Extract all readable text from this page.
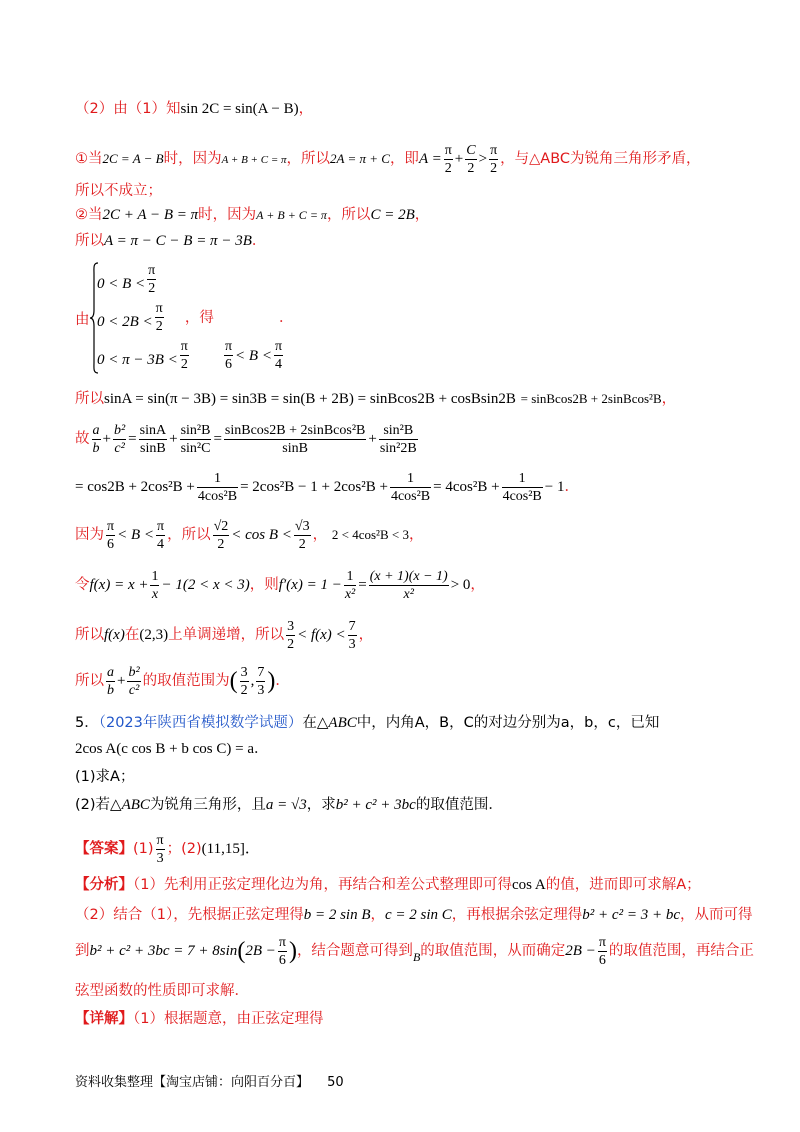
（2）由（1）知sin 2C = sin(A − B)，
①当2C = A − B时，因为A + B + C = π，所以2A = π + C，即$A = \frac{\pi}{2} + \frac{C}{2} > \frac{\pi}{2}$ ，与△ABC为锐角三角形矛盾，
所以不成立；
②当2C + A − B = π时，因为A + B + C = π，所以C = 2B，
所以A = π − C − B = π − 3B．
由
$0 < B < \frac{\pi}{2}$
$0 < 2B < \frac{\pi}{2}$ ，得	．
$0 < \pi - 3B < \frac{\pi}{2}$
	$\frac{\pi}{6} < B < \frac{\pi}{4}$
所以sinA = sin(π − 3B) = sin3B = sin(B + 2B) = sinBcos2B + cosBsin2B = sinBcos2B + 2sinBcos²B，
故 $\frac{a}{b} + \frac{\text{b²}}{\text{c²}} = \frac{\sin A}{\sin B} + \frac{\text{sin²B}}{\text{sin²C}} = \frac{\text{sinBcos2B + 2sinBcos²B}}{\sin B} + \frac{\text{sin²B}}{\text{sin²2B}}$
= $\cos 2B + 2\cos^2B + \frac{1}{\text{4cos²B}} = 2\cos^2B - 1 + 2\cos^2B + \frac{1}{\text{4cos²B}} = 4\cos^2B + \frac{1}{\text{4cos²B}} - 1$．
因为 $\frac{\pi}{6} < B < \frac{\pi}{4}$ ，所以 $\frac{√2}{2} < \cos B < \frac{√3}{2}$ ， 2 < 4cos²B < 3，
令$f(x) = x + \frac{1}{x} - 1(2 < x < 3)$，则$f'(x) = 1 - \frac{1}{\text{x²}} = \frac{(x + 1)(x - 1)}{\text{x²}} > 0$，
所以f(x)在(2,3)上单调递增，所以 $\frac{3}{2} < f(x) < \frac{7}{3}$ ，
所以 $\frac{a}{b} + \frac{\text{b²}}{\text{c²}}$ 的取值范围为( $\frac{3}{2}$ , $\frac{7}{3}$ )．
5．（2023年陕西省模拟数学试题）在△ABC中，内角A，B，C的对边分别为a，b，c，已知
2cos A(c cos B + b cos C) = a．
(1)求A；
(2)若△ABC为锐角三角形，且a = √3，求b² + c² + 3bc的取值范围．
【答案】$(1) \frac{\pi}{3}$ ；(2)(11,15]．
【分析】（1）先利用正弦定理化边为角，再结合和差公式整理即可得cos A的值，进而即可求解A；
（2）结合（1），先根据正弦定理得b = 2 sin B，c = 2 sin C，再根据余弦定理得b² + c² = 3 + bc，从而可得
到$b^2 + c^2 + 3bc = 7 + 8\sin(2B - \frac{\pi}{6}$ )，结合题意可得到$_B$的取值范围，从而确定$2B - \frac{\pi}{6}$ 的取值范围，再结合正
弦型函数的性质即可求解．
【详解】（1）根据题意，由正弦定理得
资料收集整理【淘宝店铺：向阳百分百】 50
